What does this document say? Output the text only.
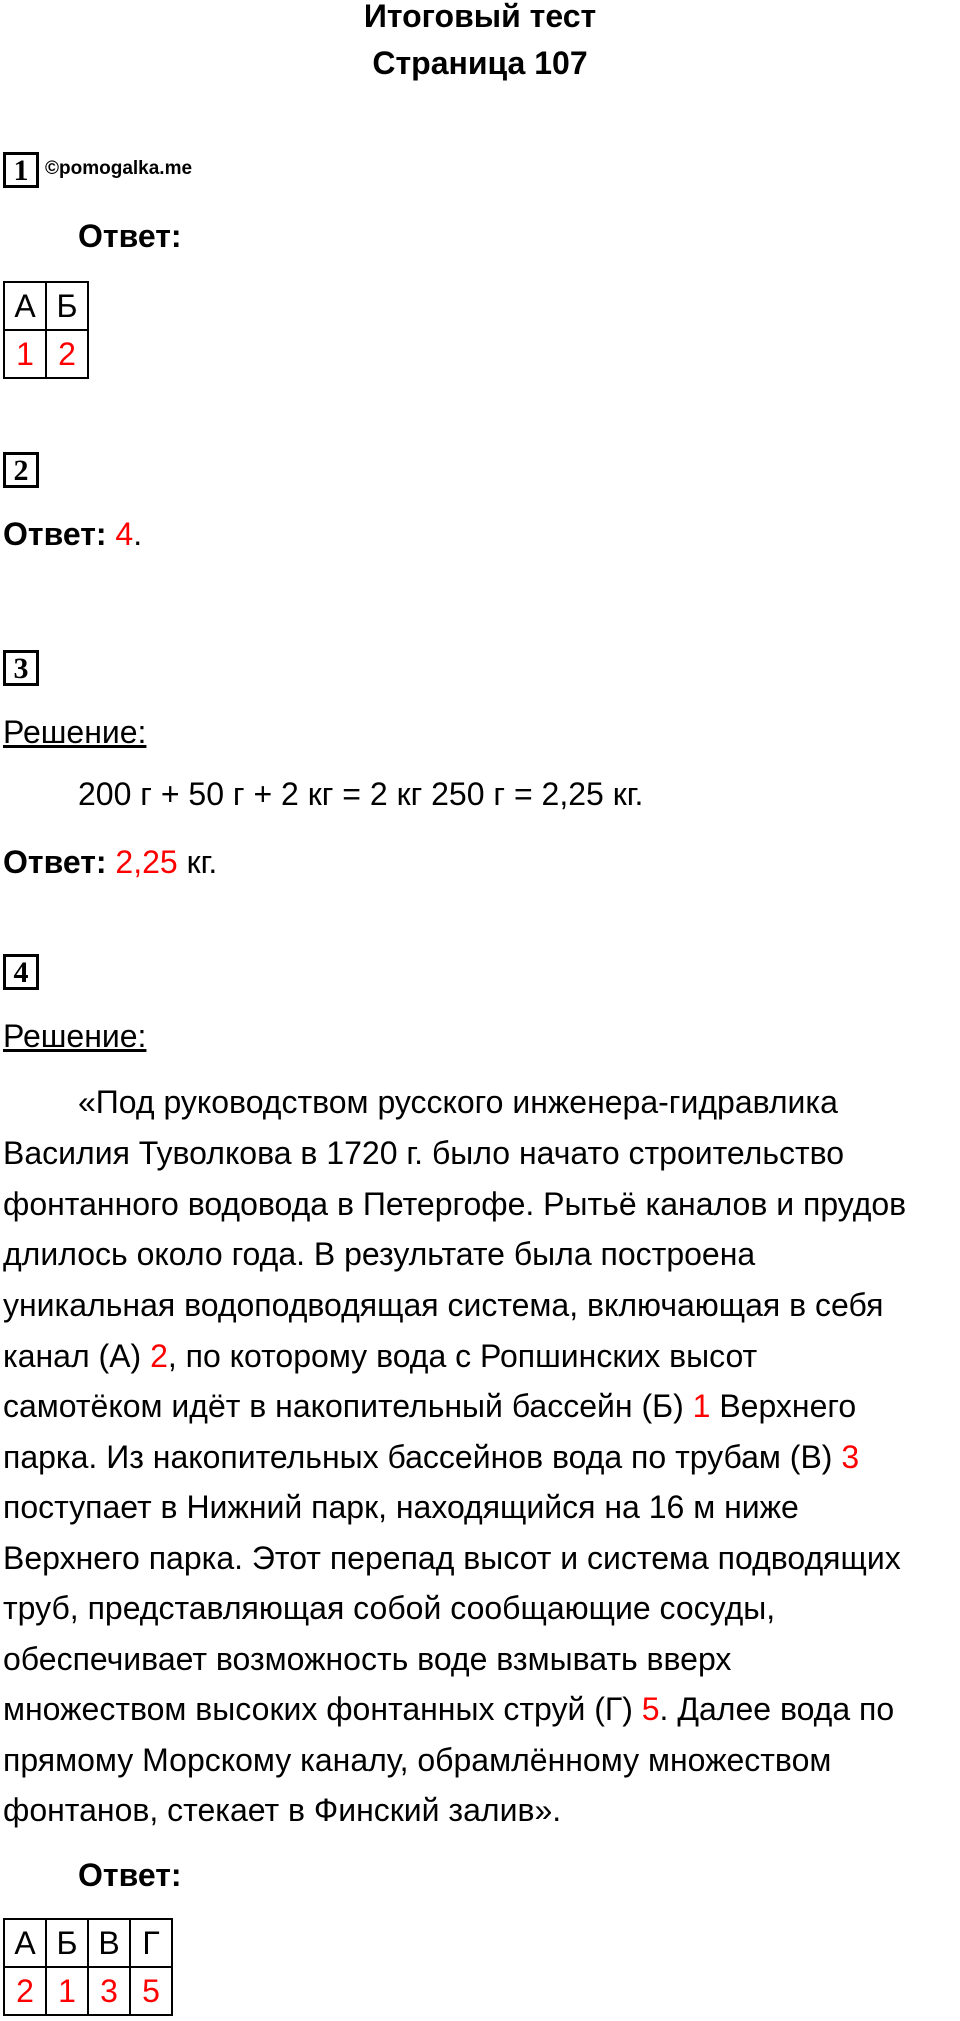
Итоговый тест
Страница 107
1 ©pomogalka.me
Ответ:
А	Б
1	2
2
Ответ: 4.
3
Решение:
200 г + 50 г + 2 кг = 2 кг 250 г = 2,25 кг.
Ответ: 2,25 кг.
4
Решение:
«Под руководством русского инженера-гидравлика
Василия Туволкова в 1720 г. было начато строительство
фонтанного водовода в Петергофе. Рытьё каналов и прудов
длилось около года. В результате была построена
уникальная водоподводящая система, включающая в себя
канал (А) 2, по которому вода с Ропшинских высот
самотёком идёт в накопительный бассейн (Б) 1 Верхнего
парка. Из накопительных бассейнов вода по трубам (В) 3
поступает в Нижний парк, находящийся на 16 м ниже
Верхнего парка. Этот перепад высот и система подводящих
труб, представляющая собой сообщающие сосуды,
обеспечивает возможность воде взмывать вверх
множеством высоких фонтанных струй (Г) 5. Далее вода по
прямому Морскому каналу, обрамлённому множеством
фонтанов, стекает в Финский залив».
Ответ:
А	Б	В	Г
2	1	3	5
